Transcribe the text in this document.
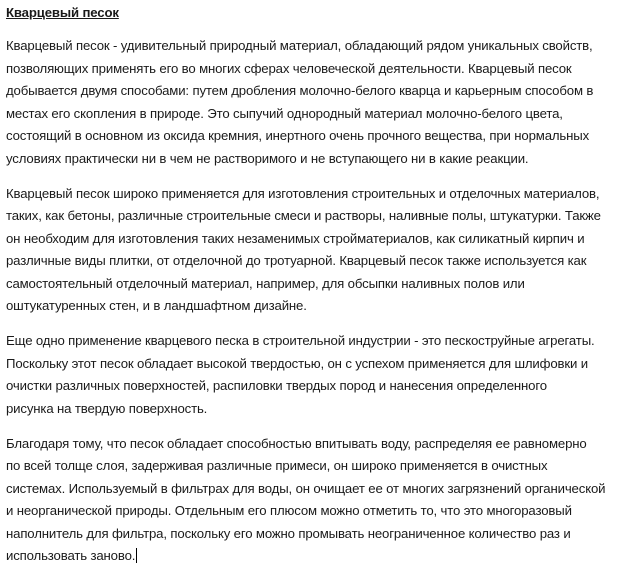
Кварцевый песок
Кварцевый песок - удивительный природный материал, обладающий рядом уникальных свойств,
позволяющих применять его во многих сферах человеческой деятельности. Кварцевый песок
добывается двумя способами: путем дробления молочно-белого кварца и карьерным способом в
местах его скопления в природе. Это сыпучий однородный материал молочно-белого цвета,
состоящий в основном из оксида кремния, инертного очень прочного вещества, при нормальных
условиях практически ни в чем не растворимого и не вступающего ни в какие реакции.
Кварцевый песок широко применяется для изготовления строительных и отделочных материалов,
таких, как бетоны, различные строительные смеси и растворы, наливные полы, штукатурки. Также
он необходим для изготовления таких незаменимых стройматериалов, как силикатный кирпич и
различные виды плитки, от отделочной до тротуарной. Кварцевый песок также используется как
самостоятельный отделочный материал, например, для обсыпки наливных полов или
оштукатуренных стен, и в ландшафтном дизайне.
Еще одно применение кварцевого песка в строительной индустрии - это пескоструйные агрегаты.
Поскольку этот песок обладает высокой твердостью, он с успехом применяется для шлифовки и
очистки различных поверхностей, распиловки твердых пород и нанесения определенного
рисунка на твердую поверхность.
Благодаря тому, что песок обладает способностью впитывать воду, распределяя ее равномерно
по всей толще слоя, задерживая различные примеси, он широко применяется в очистных
системах. Используемый в фильтрах для воды, он очищает ее от многих загрязнений органической
и неорганической природы. Отдельным его плюсом можно отметить то, что это многоразовый
наполнитель для фильтра, поскольку его можно промывать неограниченное количество раз и
использовать заново.
